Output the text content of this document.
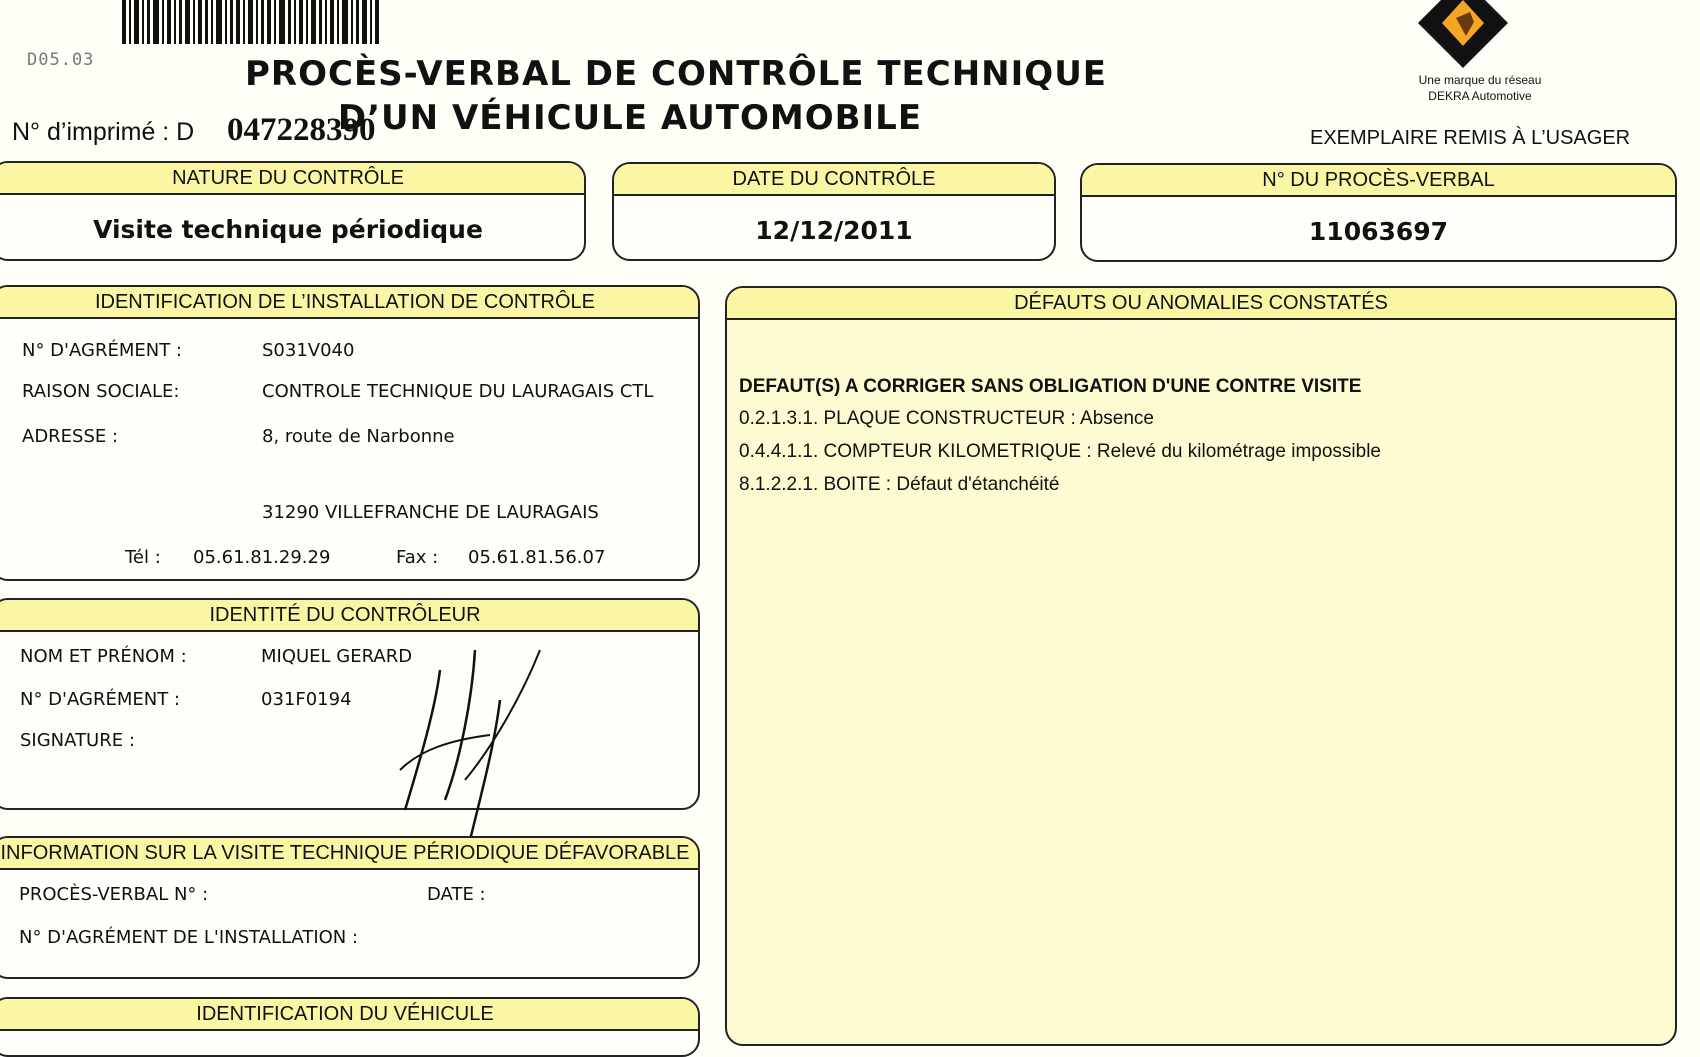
D05.03	PROCÈS-VERBAL DE CONTRÔLE TECHNIQUE
D’UN VÉHICULE AUTOMOBILE
N° d’imprimé : D 047228390
Une marque du réseau
DEKRA Automotive
EXEMPLAIRE REMIS À L’USAGER
NATURE DU CONTRÔLE
Visite technique périodique
DATE DU CONTRÔLE
12/12/2011
N° DU PROCÈS-VERBAL
11063697
IDENTIFICATION DE L’INSTALLATION DE CONTRÔLE
N° D'AGRÉMENT :	S031V040
RAISON SOCIALE:	CONTROLE TECHNIQUE DU LAURAGAIS CTL
ADRESSE :	8, route de Narbonne
31290 VILLEFRANCHE DE LAURAGAIS
Tél : 05.61.81.29.29	Fax : 05.61.81.56.07
IDENTITÉ DU CONTRÔLEUR
NOM ET PRÉNOM :	MIQUEL GERARD
N° D'AGRÉMENT :	031F0194
SIGNATURE :
INFORMATION SUR LA VISITE TECHNIQUE PÉRIODIQUE DÉFAVORABLE
PROCÈS-VERBAL N° :	DATE :
N° D'AGRÉMENT DE L'INSTALLATION :
IDENTIFICATION DU VÉHICULE
DÉFAUTS OU ANOMALIES CONSTATÉS
DEFAUT(S) A CORRIGER SANS OBLIGATION D'UNE CONTRE VISITE
0.2.1.3.1. PLAQUE CONSTRUCTEUR : Absence
0.4.4.1.1. COMPTEUR KILOMETRIQUE : Relevé du kilométrage impossible
8.1.2.2.1. BOITE : Défaut d'étanchéité
